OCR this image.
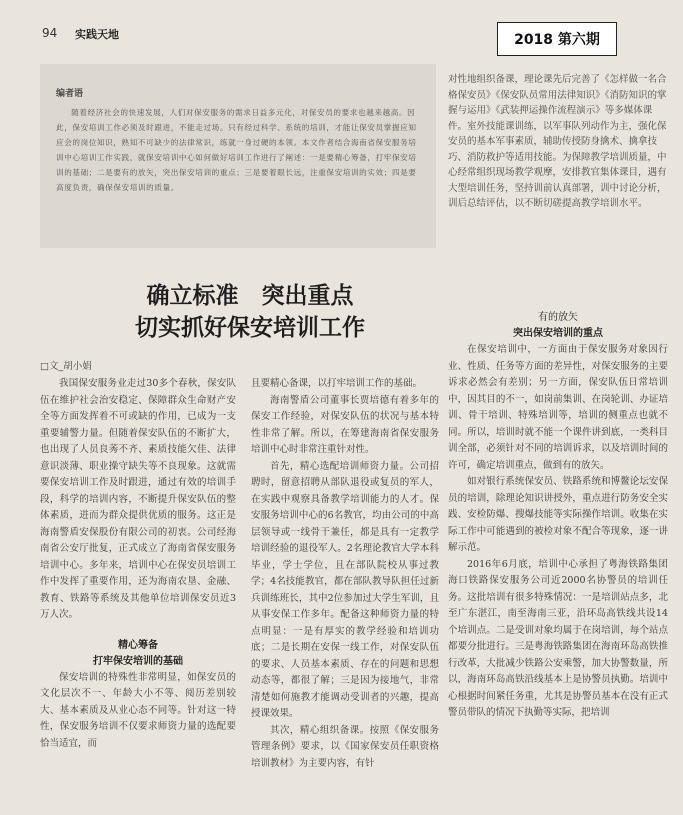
94 实践天地	2018 第六期
编者语
随着经济社会的快速发展，人们对保安服务的需求日益多元化，对保安员的要求也越来越高。因此，保安培训工作必须及时跟进，不能走过场。只有经过科学、系统的培训，才能让保安员掌握应知应会的岗位知识，熟知不可缺少的法律常识，练就一身过硬的本领。本文作者结合海南省保安服务培训中心培训工作实践，就保安培训中心如何做好培训工作进行了阐述：一是要精心筹备，打牢保安培训的基础；二是要有的放矢，突出保安培训的重点；三是要着眼长远，注重保安培训的实效；四是要高度负责，确保保安培训的质量。
对性地组织备课，理论课先后完善了《怎样做一名合格保安员》《保安队员常用法律知识》《消防知识的掌握与运用》《武装押运操作流程演示》等多媒体课件。室外技能课训练，以军事队列动作为主，强化保安员的基本军事素质，辅助传授防身擒术、擒拿技巧、消防救护等适用技能。为保障教学培训质量，中心经常组织现场教学观摩，安排教官集体课目，遇有大型培训任务，坚持训前认真部署，训中讨论分析，训后总结评估，以不断切磋提高教学培训水平。
确立标准　突出重点
切实抓好保安培训工作
□文_胡小娟

我国保安服务业走过30多个春秋，保安队伍在维护社会治安稳定、保障群众生命财产安全等方面发挥着不可或缺的作用，已成为一支重要辅警力量。但随着保安队伍的不断扩大，也出现了人员良莠不齐、素质技能欠佳、法律意识淡薄、职业操守缺失等不良现象。这就需要保安培训工作及时跟进，通过有效的培训手段，科学的培训内容，不断提升保安队伍的整体素质，进而为群众提供优质的服务。这正是海南警盾安保股份有限公司的初衷。公司经海南省公安厅批复，正式成立了海南省保安服务培训中心。多年来，培训中心在保安员培训工作中发挥了重要作用，还为海南农垦、金融、教育、铁路等系统及其他单位培训保安员近3万人次。

精心筹备
打牢保安培训的基础

保安培训的特殊性非常明显，如保安员的文化层次不一、年龄大小不等、阅历差别较大、基本素质及从业心态不同等。针对这一特性，保安服务培训不仅要求师资力量的选配要恰当适宜，而

且要精心备课，以打牢培训工作的基础。

海南警盾公司董事长贾培德有着多年的保安工作经验，对保安队伍的状况与基本特性非常了解。所以，在筹建海南省保安服务培训中心时非常注重针对性。

首先，精心选配培训师资力量。公司招聘时，留意招聘从部队退役或复员的军人，在实践中观察具备教学培训能力的人才。保安服务培训中心的6名教官，均由公司的中高层领导或一线骨干兼任，都是具有一定教学培训经验的退役军人。2名理论教官大学本科毕业，学士学位，且在部队院校从事过教学；4名技能教官，都在部队教导队担任过新兵训练班长，其中2位参加过大学生军训，且从事安保工作多年。配备这种师资力量的特点明显：一是有厚实的教学经验和培训功底；二是长期在安保一线工作，对保安队伍的要求、人员基本素质、存在的问题和思想动态等，都很了解；三是因为接地气，非常清楚如何施教才能调动受训者的兴趣，提高授课效果。

其次，精心组织备课。按照《保安服务管理条例》要求，以《国家保安员任职资格培训教材》为主要内容，有针

有的放矢
突出保安培训的重点

在保安培训中，一方面由于保安服务对象因行业、性质、任务等方面的差异性，对保安服务的主要诉求必然会有差别；另一方面，保安队伍日常培训中，因其目的不一，如岗前集训、在岗轮训、办证培训、骨干培训、特殊培训等，培训的侧重点也就不同。所以，培训时就不能一个课件讲到底，一类科目训全部，必须针对不同的培训诉求，以及培训时间的许可，确定培训重点，做到有的放矢。

如对银行系统保安员、铁路系统和博鳌论坛安保员的培训，除理论知识讲授外，重点进行防务安全实践、安检防爆、搜爆技能等实际操作培训。收集在实际工作中可能遇到的被检对象不配合等现象，逐一讲解示范。

2016年6月底，培训中心承担了粤海铁路集团海口铁路保安服务公司近2000名协警员的培训任务。这批培训有很多特殊情况：一是培训站点多，北至广东湛江，南至海南三亚，沿环岛高铁线共设14个培训点。二是受训对象均属于在岗培训，每个站点都要分批进行。三是粤海铁路集团在海南环岛高铁推行改革，大批减少铁路公安乘警，加大协警数量，所以，海南环岛高铁沿线基本上是协警员执勤。培训中心根据时间紧任务重，尤其是协警员基本在没有正式警员带队的情况下执勤等实际，把培训
